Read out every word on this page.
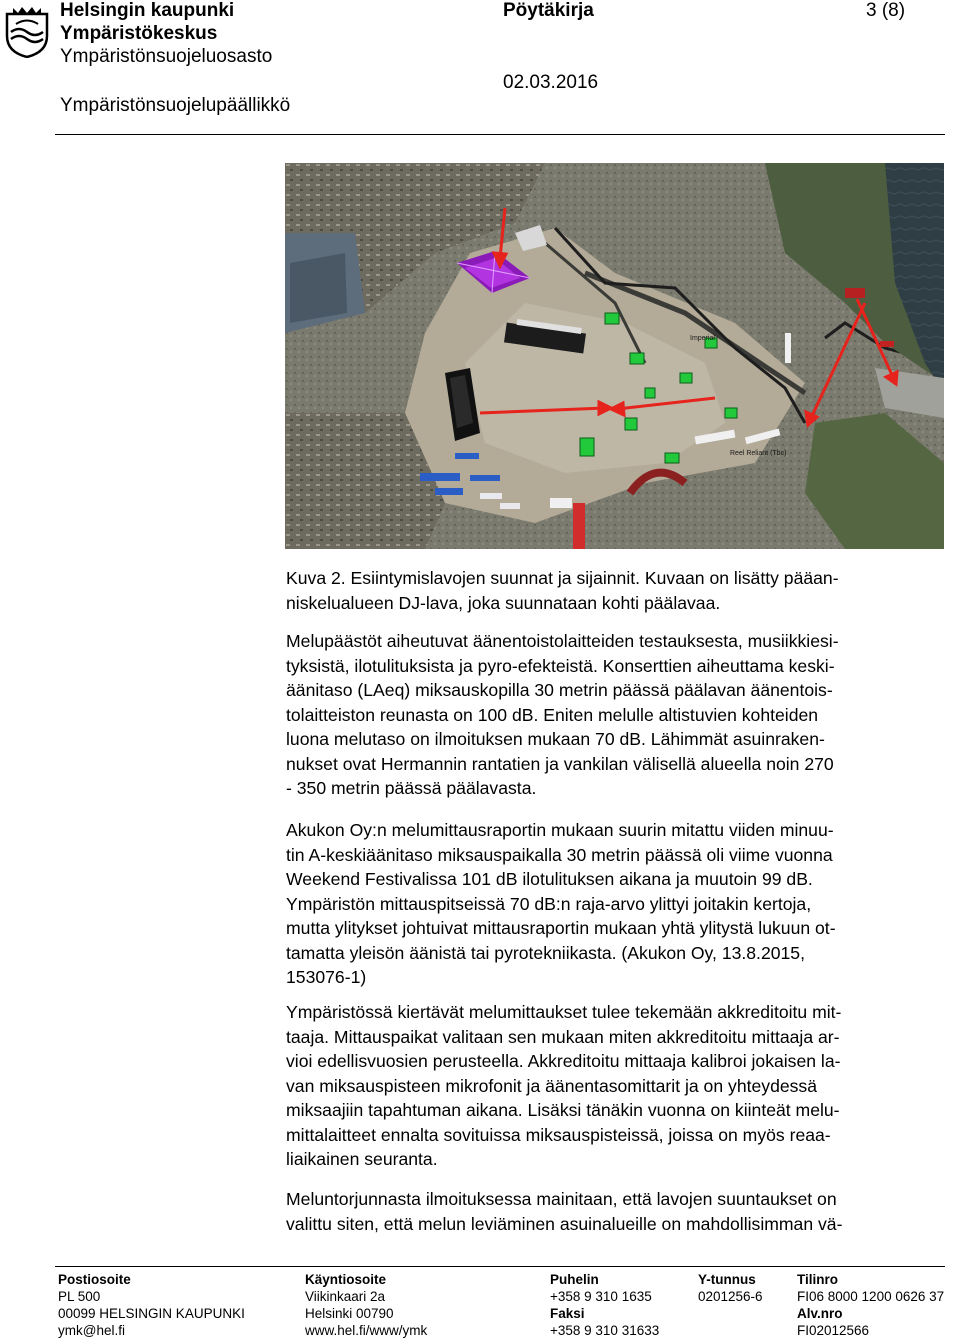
Helsingin kaupunki
Ympäristökeskus
Ympäristönsuojeluosasto
Ympäristönsuojelupäällikkö
Pöytäkirja
02.03.2016
3 (8)
Imperial
Reel Reliant (Tbc)
Kuva 2. Esiintymislavojen suunnat ja sijainnit. Kuvaan on lisätty pääan-
niskelualueen DJ-lava, joka suunnataan kohti päälavaa.
Melupäästöt aiheutuvat äänentoistolaitteiden testauksesta, musiikkiesi-
tyksistä, ilotulituksista ja pyro-efekteistä. Konserttien aiheuttama keski-
äänitaso (LAeq) miksauskopilla 30 metrin päässä päälavan äänentois-
tolaitteiston reunasta on 100 dB. Eniten melulle altistuvien kohteiden
luona melutaso on ilmoituksen mukaan 70 dB. Lähimmät asuinraken-
nukset ovat Hermannin rantatien ja vankilan välisellä alueella noin 270
- 350 metrin päässä päälavasta.
Akukon Oy:n melumittausraportin mukaan suurin mitattu viiden minuu-
tin A-keskiäänitaso miksauspaikalla 30 metrin päässä oli viime vuonna
Weekend Festivalissa 101 dB ilotulituksen aikana ja muutoin 99 dB.
Ympäristön mittauspitseissä 70 dB:n raja-arvo ylittyi joitakin kertoja,
mutta ylitykset johtuivat mittausraportin mukaan yhtä ylitystä lukuun ot-
tamatta yleisön äänistä tai pyrotekniikasta. (Akukon Oy, 13.8.2015,
153076-1)
Ympäristössä kiertävät melumittaukset tulee tekemään akkreditoitu mit-
taaja. Mittauspaikat valitaan sen mukaan miten akkreditoitu mittaaja ar-
vioi edellisvuosien perusteella. Akkreditoitu mittaaja kalibroi jokaisen la-
van miksauspisteen mikrofonit ja äänentasomittarit ja on yhteydessä
miksaajiin tapahtuman aikana. Lisäksi tänäkin vuonna on kiinteät melu-
mittalaitteet ennalta sovituissa miksauspisteissä, joissa on myös reaa-
liaikainen seuranta.
Meluntorjunnasta ilmoituksessa mainitaan, että lavojen suuntaukset on
valittu siten, että melun leviäminen asuinalueille on mahdollisimman vä-
Postiosoite
PL 500
00099 HELSINGIN KAUPUNKI
ymk@hel.fi
Käyntiosoite
Viikinkaari 2a
Helsinki 00790
www.hel.fi/www/ymk
Puhelin
+358 9 310 1635
Faksi
+358 9 310 31633
Y-tunnus
0201256-6
Tilinro
FI06 8000 1200 0626 37
Alv.nro
FI02012566
